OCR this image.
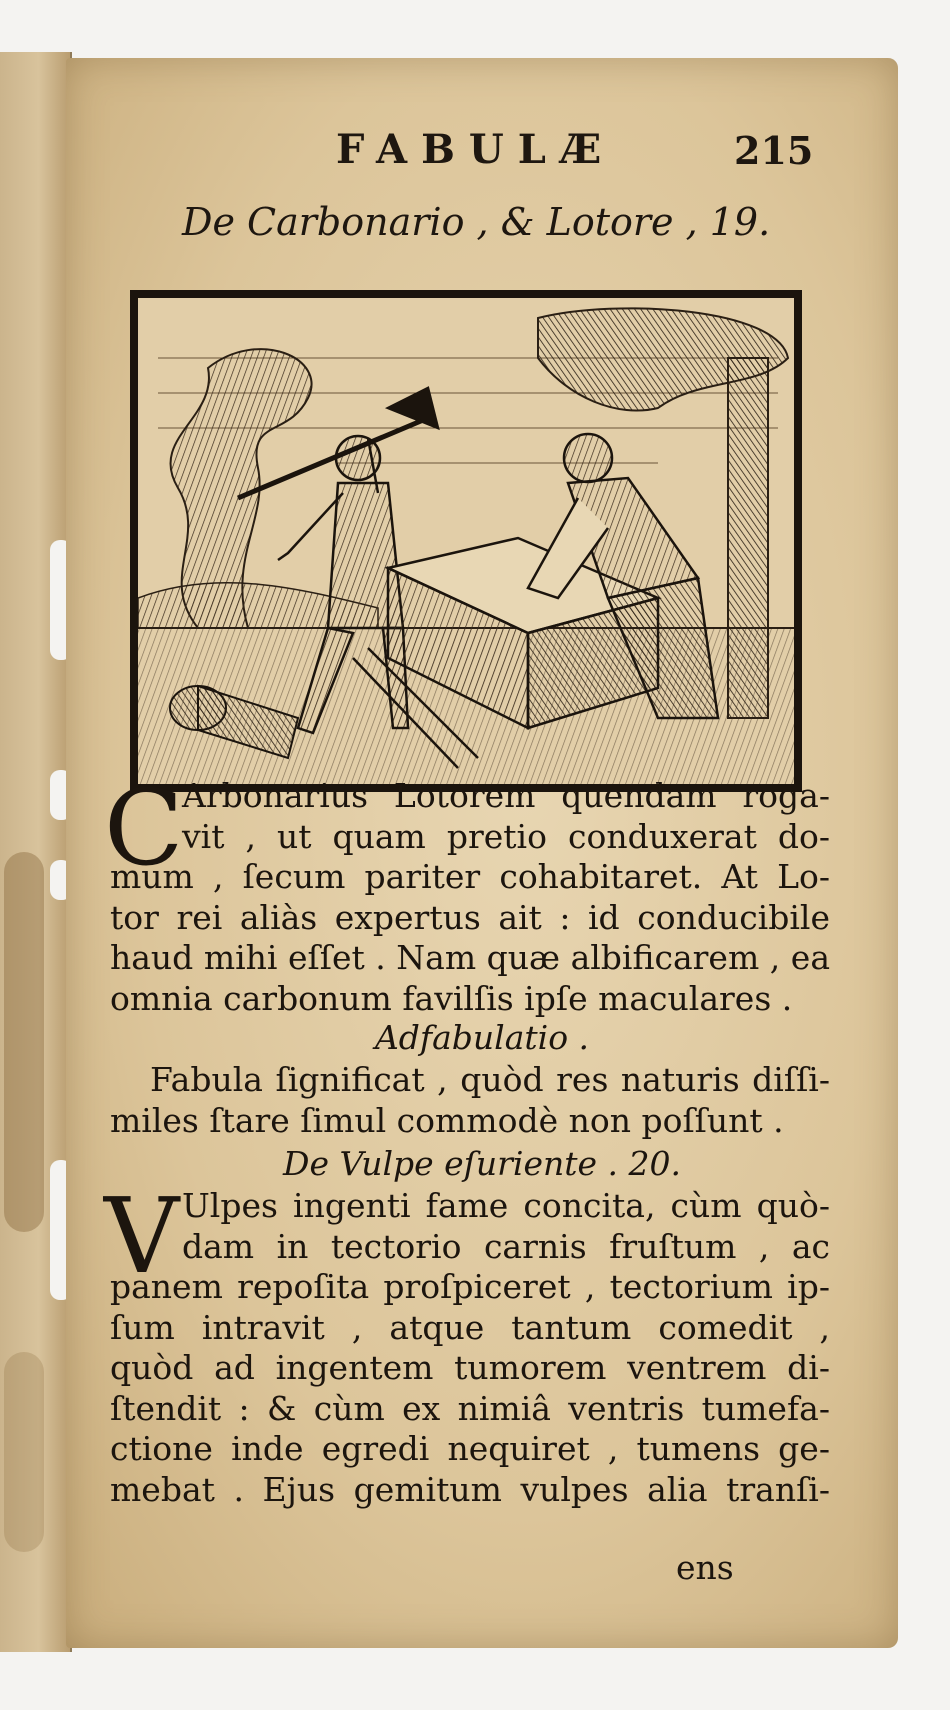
FABULÆ	215
De Carbonario , & Lotore , 19.
C
Arbonarius Lotorem quendam roga-
vit , ut quam pretio conduxerat do-
mum , ſecum pariter cohabitaret. At Lo-
tor rei aliàs expertus ait : id conducibile
haud mihi eſſet . Nam quæ albificarem , ea
omnia carbonum favilſis ipſe maculares .
Adfabulatio .
Fabula ſignificat , quòd res naturis diſſi-
miles ſtare ſimul commodè non poſſunt .
De Vulpe eſuriente . 20.
V Ulpes ingenti fame concita, cùm quò-
dam in tectorio carnis fruſtum , ac
panem repoſita proſpiceret , tectorium ip-
ſum intravit , atque tantum comedit ,
quòd ad ingentem tumorem ventrem di-
ſtendit : & cùm ex nimiâ ventris tumefa-
ctione inde egredi nequiret , tumens ge-
mebat . Ejus gemitum vulpes alia tranſi-
ens
